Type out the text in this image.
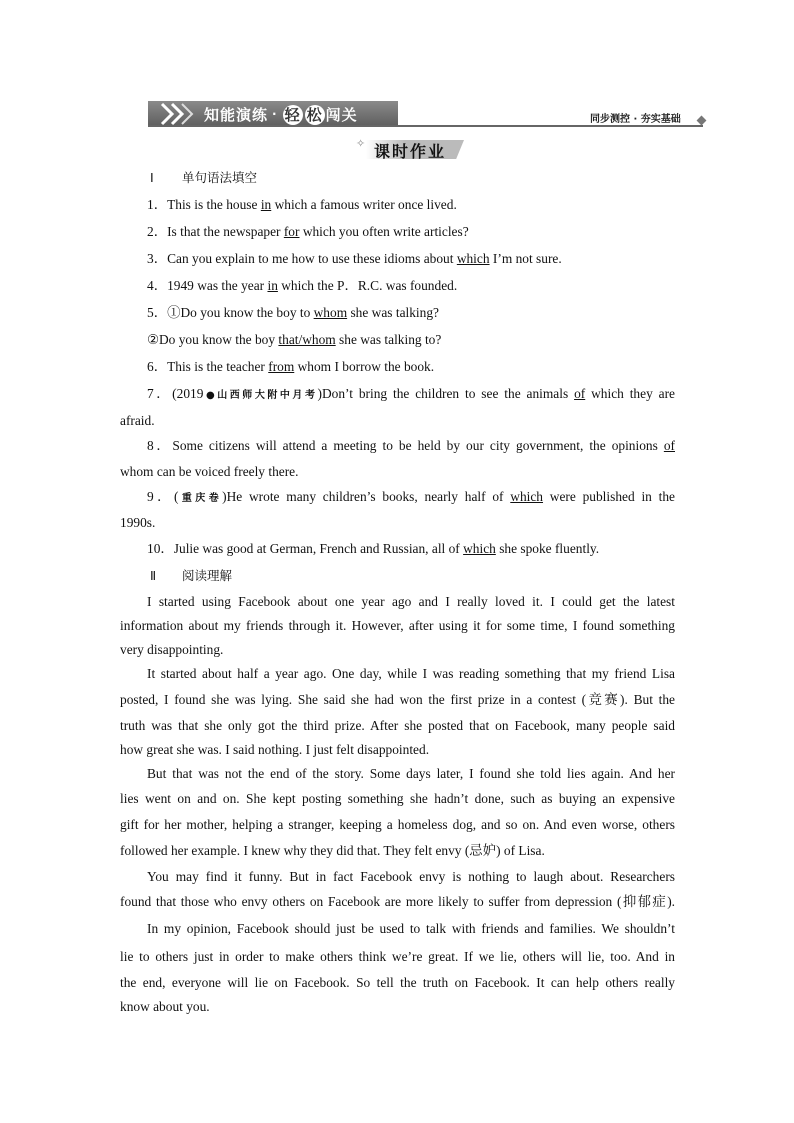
知能演练 · 轻 松 闯关	同步测控 · 夯实基础
✧ 课时作业
Ⅰ 单句语法填空
1．This is the house in which a famous writer once lived.
2．Is that the newspaper for which you often write articles?
3．Can you explain to me how to use these idioms about which I’m not sure.
4．1949 was the year in which the P．R.C. was founded.
5．①Do you know the boy to whom she was talking?
②Do you know the boy that/whom she was talking to?
6．This is the teacher from whom I borrow the book.
7．(2019●山西师大附中月考)Don’t bring the children to see the animals of which they are
afraid.
8．Some citizens will attend a meeting to be held by our city government, the opinions of
whom can be voiced freely there.
9．(重庆卷)He wrote many children’s books, nearly half of which were published in the
1990s.
10．Julie was good at German, French and Russian, all of which she spoke fluently.
Ⅱ 阅读理解
I started using Facebook about one year ago and I really loved it. I could get the latest
information about my friends through it. However, after using it for some time, I found something
very disappointing.
It started about half a year ago. One day, while I was reading something that my friend Lisa
posted, I found she was lying. She said she had won the first prize in a contest (竞赛). But the
truth was that she only got the third prize. After she posted that on Facebook, many people said
how great she was. I said nothing. I just felt disappointed.
But that was not the end of the story. Some days later, I found she told lies again. And her
lies went on and on. She kept posting something she hadn’t done, such as buying an expensive
gift for her mother, helping a stranger, keeping a homeless dog, and so on. And even worse, others
followed her example. I knew why they did that. They felt envy (忌妒) of Lisa.
You may find it funny. But in fact Facebook envy is nothing to laugh about. Researchers
found that those who envy others on Facebook are more likely to suffer from depression (抑郁症).
In my opinion, Facebook should just be used to talk with friends and families. We shouldn’t
lie to others just in order to make others think we’re great. If we lie, others will lie, too. And in
the end, everyone will lie on Facebook. So tell the truth on Facebook. It can help others really
know about you.
